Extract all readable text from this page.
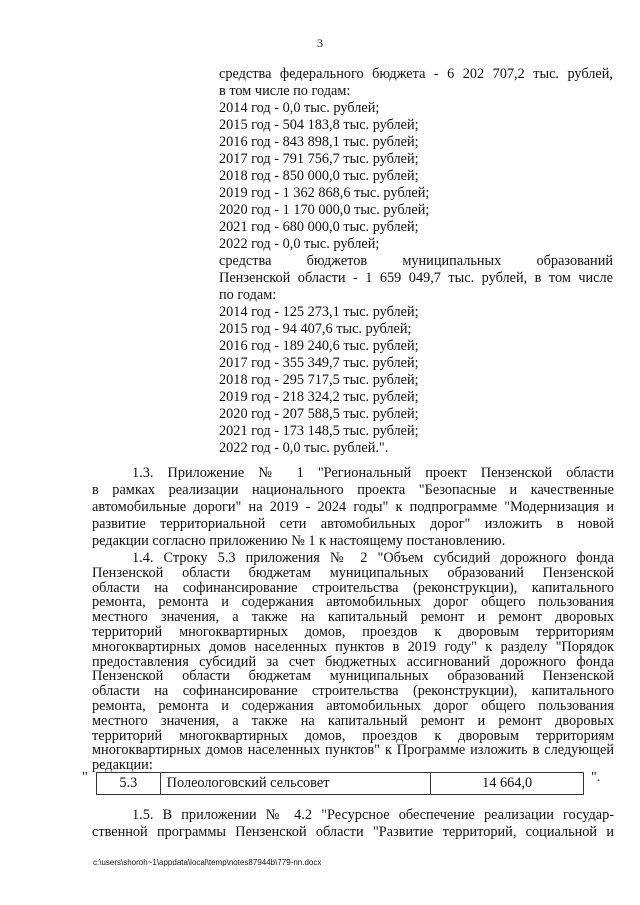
3
средства федерального бюджета - 6 202 707,2 тыс. рублей,
в том числе по годам:
2014 год - 0,0 тыс. рублей;
2015 год - 504 183,8 тыс. рублей;
2016 год - 843 898,1 тыс. рублей;
2017 год - 791 756,7 тыс. рублей;
2018 год - 850 000,0 тыс. рублей;
2019 год - 1 362 868,6 тыс. рублей;
2020 год - 1 170 000,0 тыс. рублей;
2021 год - 680 000,0 тыс. рублей;
2022 год - 0,0 тыс. рублей;
средства бюджетов муниципальных образований
Пензенской области - 1 659 049,7 тыс. рублей, в том числе
по годам:
2014 год - 125 273,1 тыс. рублей;
2015 год - 94 407,6 тыс. рублей;
2016 год - 189 240,6 тыс. рублей;
2017 год - 355 349,7 тыс. рублей;
2018 год - 295 717,5 тыс. рублей;
2019 год - 218 324,2 тыс. рублей;
2020 год - 207 588,5 тыс. рублей;
2021 год - 173 148,5 тыс. рублей;
2022 год - 0,0 тыс. рублей.".
1.3. Приложение № 1 "Региональный проект Пензенской области
в рамках реализации национального проекта "Безопасные и качественные
автомобильные дороги" на 2019 - 2024 годы" к подпрограмме "Модернизация и
развитие территориальной сети автомобильных дорог" изложить в новой
редакции согласно приложению № 1 к настоящему постановлению.
1.4. Строку 5.3 приложения № 2 "Объем субсидий дорожного фонда
Пензенской области бюджетам муниципальных образований Пензенской
области на софинансирование строительства (реконструкции), капитального
ремонта, ремонта и содержания автомобильных дорог общего пользования
местного значения, а также на капитальный ремонт и ремонт дворовых
территорий многоквартирных домов, проездов к дворовым территориям
многоквартирных домов населенных пунктов в 2019 году" к разделу "Порядок
предоставления субсидий за счет бюджетных ассигнований дорожного фонда
Пензенской области бюджетам муниципальных образований Пензенской
области на софинансирование строительства (реконструкции), капитального
ремонта, ремонта и содержания автомобильных дорог общего пользования
местного значения, а также на капитальный ремонт и ремонт дворовых
территорий многоквартирных домов, проездов к дворовым территориям
" 5.3	Полеологовский сельсовет	14 664,0	".
1.5. В приложении № 4.2 "Ресурсное обеспечение реализации государ-
ственной программы Пензенской области "Развитие территорий, социальной и
c:\users\shoroh~1\appdata\local\temp\notes87944b\779-nn.docx
многоквартирных домов населенных пунктов" к Программе изложить в следующей
редакции:
